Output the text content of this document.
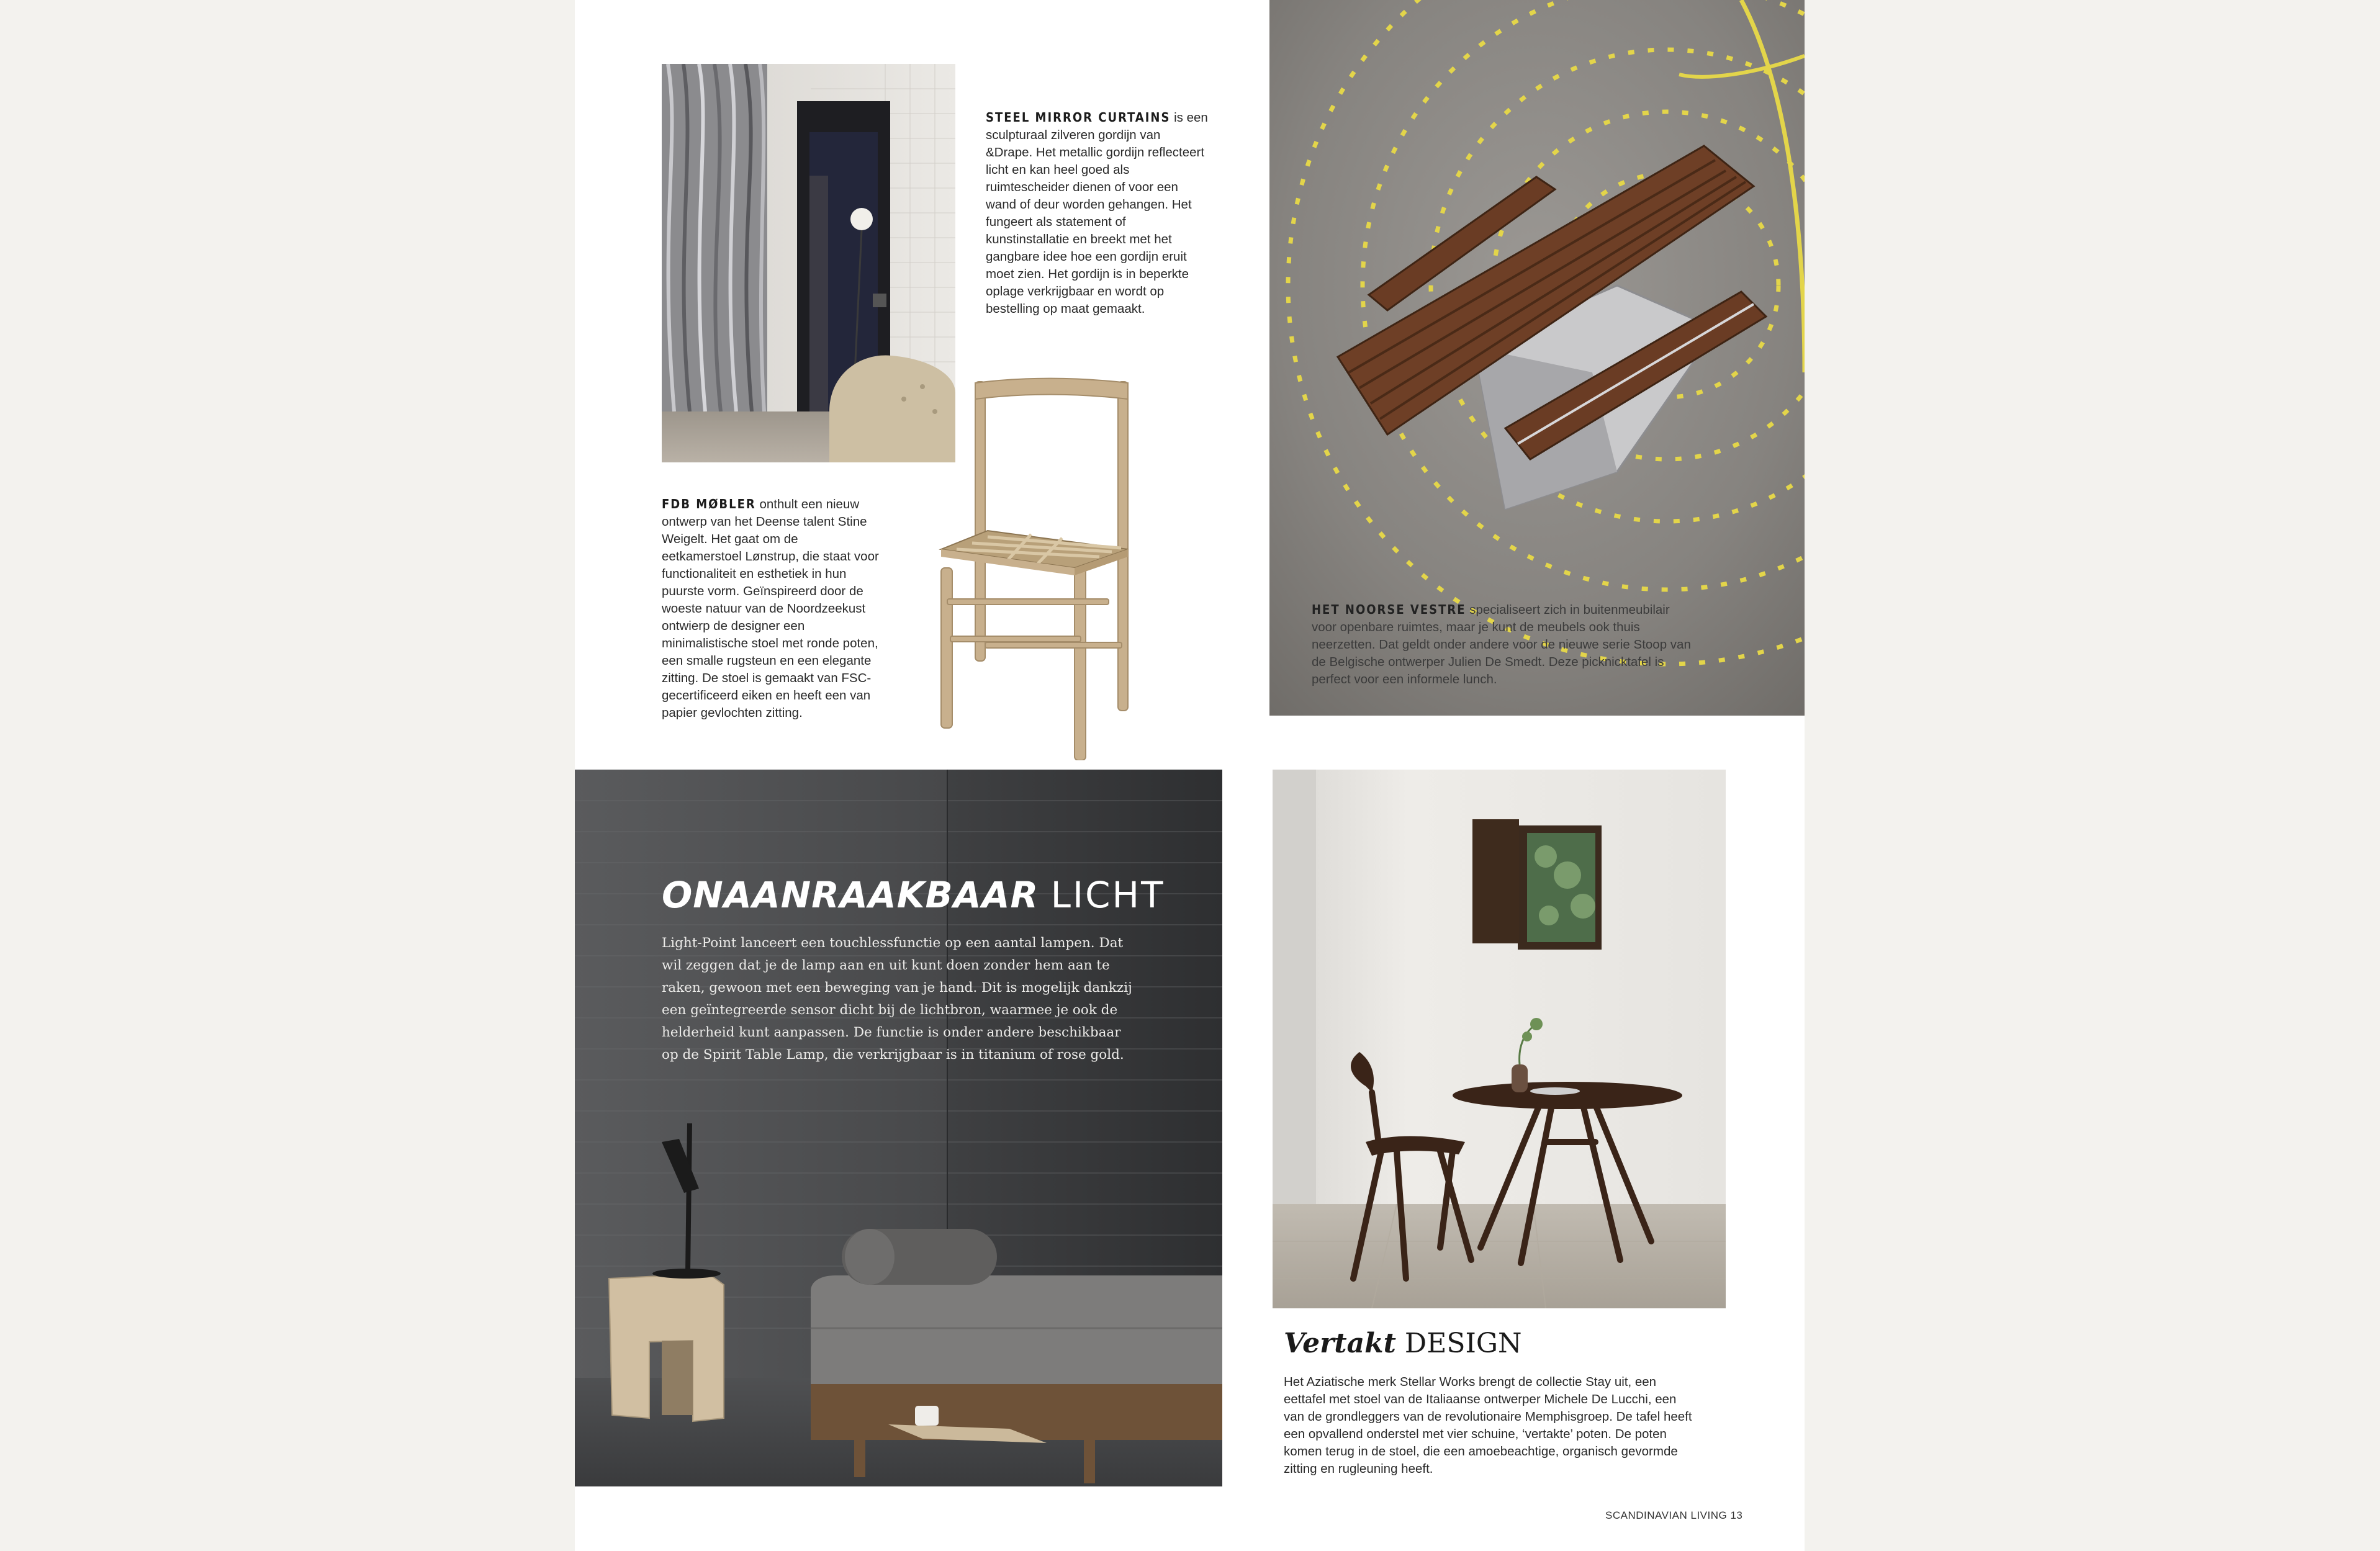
STEEL MIRROR CURTAINS is een sculpturaal zilveren gordijn van &Drape. Het metallic gordijn reflecteert licht en kan heel goed als ruimtescheider dienen of voor een wand of deur worden gehangen. Het fungeert als statement of kunstinstallatie en breekt met het gangbare idee hoe een gordijn eruit moet zien. Het gordijn is in beperkte oplage verkrijgbaar en wordt op bestelling op maat gemaakt.
FDB MØBLER onthult een nieuw ontwerp van het Deense talent Stine Weigelt. Het gaat om de eetkamerstoel Lønstrup, die staat voor functionaliteit en esthetiek in hun puurste vorm. Geïnspireerd door de woeste natuur van de Noordzeekust ontwierp de designer een minimalistische stoel met ronde poten, een smalle rugsteun en een elegante zitting. De stoel is gemaakt van FSC-gecertificeerd eiken en heeft een van papier gevlochten zitting.
HET NOORSE VESTRE specialiseert zich in buitenmeubilair voor openbare ruimtes, maar je kunt de meubels ook thuis neerzetten. Dat geldt onder andere voor de nieuwe serie Stoop van de Belgische ontwerper Julien De Smedt. Deze picknicktafel is perfect voor een informele lunch.
ONAANRAAKBAAR LICHT
Light-Point lanceert een touchlessfunctie op een aantal lampen. Dat wil zeggen dat je de lamp aan en uit kunt doen zonder hem aan te raken, gewoon met een beweging van je hand. Dit is mogelijk dankzij een geïntegreerde sensor dicht bij de lichtbron, waarmee je ook de helderheid kunt aanpassen. De functie is onder andere beschikbaar op de Spirit Table Lamp, die verkrijgbaar is in titanium of rose gold.
Vertakt DESIGN
Het Aziatische merk Stellar Works brengt de collectie Stay uit, een eettafel met stoel van de Italiaanse ontwerper Michele De Lucchi, een van de grondleggers van de revolutionaire Memphisgroep. De tafel heeft een opvallend onderstel met vier schuine, ‘vertakte’ poten. De poten komen terug in de stoel, die een amoebeachtige, organisch gevormde zitting en rugleuning heeft.
SCANDINAVIAN LIVING 13
